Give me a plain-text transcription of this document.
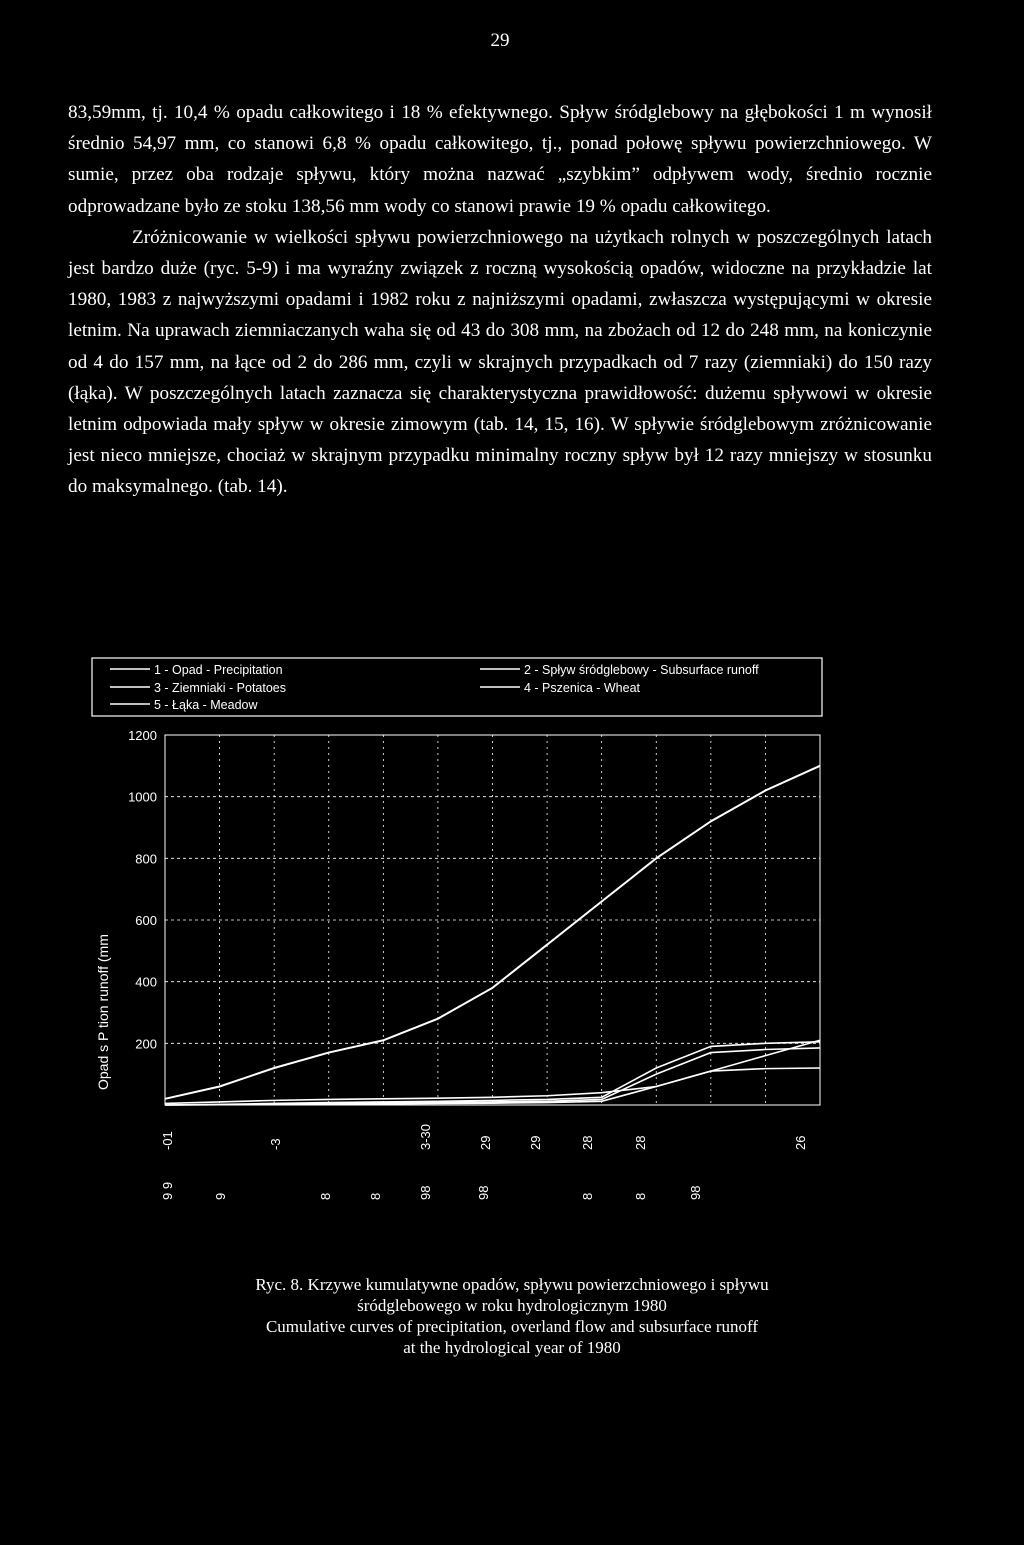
29

83,59mm, tj. 10,4 % opadu całkowitego i 18 % efektywnego. Spływ śródglebowy na głębokości 1 m wynosił średnio 54,97 mm, co stanowi 6,8 % opadu całkowitego, tj., ponad połowę spływu powierzchniowego. W sumie, przez oba rodzaje spływu, który można nazwać „szybkim” odpływem wody, średnio rocznie odprowadzane było ze stoku 138,56 mm wody co stanowi prawie 19 % opadu całkowitego.

Zróżnicowanie w wielkości spływu powierzchniowego na użytkach rolnych w poszczególnych latach jest bardzo duże (ryc. 5-9) i ma wyraźny związek z roczną wysokością opadów, widoczne na przykładzie lat 1980, 1983 z najwyższymi opadami i 1982 roku z najniższymi opadami, zwłaszcza występującymi w okresie letnim. Na uprawach ziemniaczanych waha się od 43 do 308 mm, na zbożach od 12 do 248 mm, na koniczynie od 4 do 157 mm, na łące od 2 do 286 mm, czyli w skrajnych przypadkach od 7 razy (ziemniaki) do 150 razy (łąka). W poszczególnych latach zaznacza się charakterystyczna prawidłowość: dużemu spływowi w okresie letnim odpowiada mały spływ w okresie zimowym (tab. 14, 15, 16). W spływie śródglebowym zróżnicowanie jest nieco mniejsze, chociaż w skrajnym przypadku minimalny roczny spływ był 12 razy mniejszy w stosunku do maksymalnego. (tab. 14).

1 - Opad - Precipitation	2 - Spływ śródglebowy - Subsurface runoff
3 - Ziemniaki - Potatoes	4 - Pszenica - Wheat
5 - Łąka - Meadow
200
400
600
800
1000
1200
Opad s P tion runoff (mm
-01	-3	3-30	29	29	28	28	26
9 9	9	8	8	98	98	8	8	98
Ryc. 8. Krzywe kumulatywne opadów, spływu powierzchniowego i spływu
śródglebowego w roku hydrologicznym 1980
Cumulative curves of precipitation, overland flow and subsurface runoff
at the hydrological year of 1980
